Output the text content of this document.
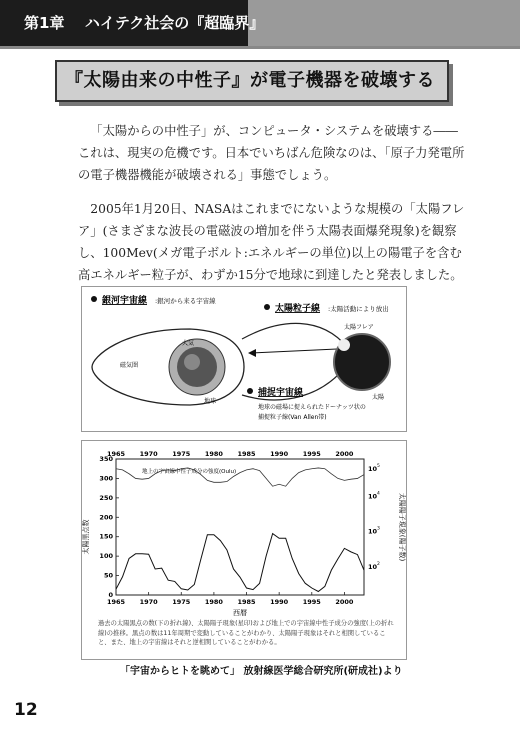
第1章 ハイテク社会の『超臨界』
『太陽由来の中性子』が電子機器を破壊する
「太陽からの中性子」が、コンピュータ・システムを破壊する――これは、現実の危機です。日本でいちばん危険なのは、「原子力発電所の電子機器機能が破壊される」事態でしょう。
2005年1月20日、NASAはこれまでにないような規模の「太陽フレア」(さまざまな波長の電磁波の増加を伴う太陽表面爆発現象)を観察し、100Mev(メガ電子ボルト:エネルギーの単位)以上の陽電子を含む高エネルギー粒子が、わずか15分で地球に到達したと発表しました。
銀河宇宙線 :銀河から来る宇宙線
太陽粒子線 :太陽活動により放出
大気
磁気圏
地球
太陽フレア
太陽
捕捉宇宙線
地球の磁場に捉えられたドーナッツ状の
捕捉粒子線(Van Allen帯)
地上の宇宙線中性子成分の強度(Oulu)
太陽黒点数	太陽陽子現象(陽子数)
西暦
1965
1965
1970
1970
1975
1975
1980
1980
1985
1985
1990
1990
1995
1995
2000
2000
0
50
100
150
200
250
300
350
10 5
10 4
10 3
10 2
過去の太陽黒点の数(下の折れ線)、太陽陽子現象(星印)および地上での宇宙線中性子成分の強度(上の折れ線)の推移。黒点の数は11年周期で変動していることがわかり、太陽陽子現象はそれと相関していること、また、地上の宇宙線はそれと逆相関していることがわかる。
「宇宙からヒトを眺めて」 放射線医学総合研究所(研成社)より
12
